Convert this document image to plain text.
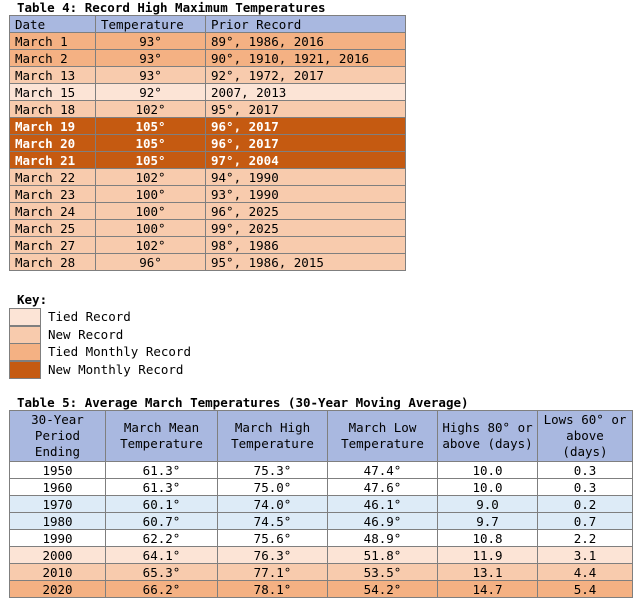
Table 4: Record High Maximum Temperatures
Date	Temperature	Prior Record
March 1	93°	89°, 1986, 2016
March 2	93°	90°, 1910, 1921, 2016
March 13	93°	92°, 1972, 2017
March 15	92°	2007, 2013
March 18	102°	95°, 2017
March 19	105°	96°, 2017
March 20	105°	96°, 2017
March 21	105°	97°, 2004
March 22	102°	94°, 1990
March 23	100°	93°, 1990
March 24	100°	96°, 2025
March 25	100°	99°, 2025
March 27	102°	98°, 1986
March 28	96°	95°, 1986, 2015
Key:
Tied Record
New Record
Tied Monthly Record
New Monthly Record
Table 5: Average March Temperatures (30-Year Moving Average)
30-Year Period Ending	March Mean Temperature	March High Temperature	March Low Temperature	Highs 80° or above (days)	Lows 60° or above (days)
1950	61.3°	75.3°	47.4°	10.0	0.3
1960	61.3°	75.0°	47.6°	10.0	0.3
1970	60.1°	74.0°	46.1°	9.0	0.2
1980	60.7°	74.5°	46.9°	9.7	0.7
1990	62.2°	75.6°	48.9°	10.8	2.2
2000	64.1°	76.3°	51.8°	11.9	3.1
2010	65.3°	77.1°	53.5°	13.1	4.4
2020	66.2°	78.1°	54.2°	14.7	5.4
